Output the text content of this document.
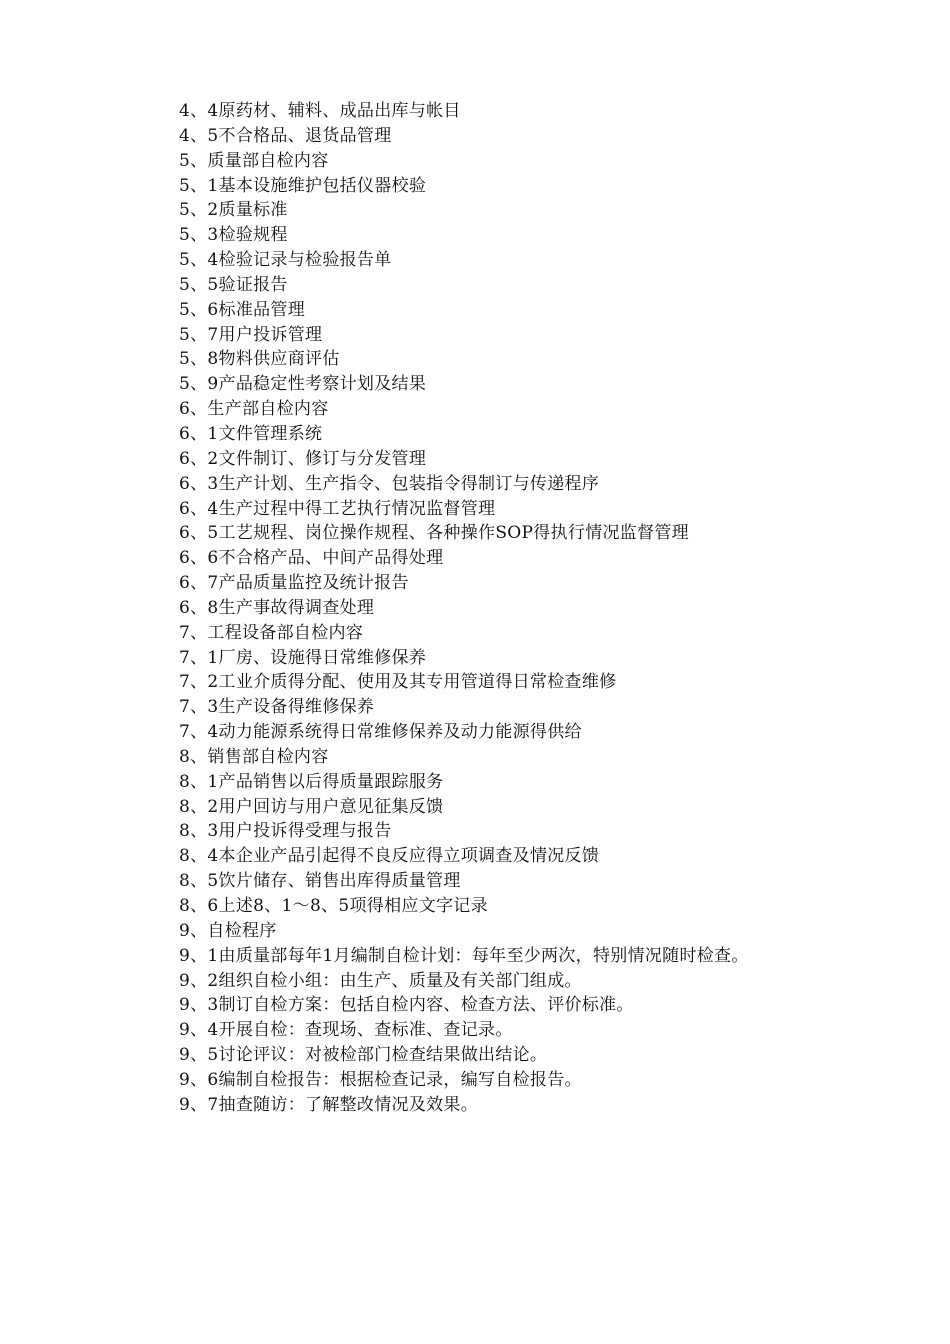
4、4原药材、辅料、成品出库与帐目
4、5不合格品、退货品管理
5、质量部自检内容
5、1基本设施维护包括仪器校验
5、2质量标准
5、3检验规程
5、4检验记录与检验报告单
5、5验证报告
5、6标准品管理
5、7用户投诉管理
5、8物料供应商评估
5、9产品稳定性考察计划及结果
6、生产部自检内容
6、1文件管理系统
6、2文件制订、修订与分发管理
6、3生产计划、生产指令、包装指令得制订与传递程序
6、4生产过程中得工艺执行情况监督管理
6、5工艺规程、岗位操作规程、各种操作SOP得执行情况监督管理
6、6不合格产品、中间产品得处理
6、7产品质量监控及统计报告
6、8生产事故得调查处理
7、工程设备部自检内容
7、1厂房、设施得日常维修保养
7、2工业介质得分配、使用及其专用管道得日常检查维修
7、3生产设备得维修保养
7、4动力能源系统得日常维修保养及动力能源得供给
8、销售部自检内容
8、1产品销售以后得质量跟踪服务
8、2用户回访与用户意见征集反馈
8、3用户投诉得受理与报告
8、4本企业产品引起得不良反应得立项调查及情况反馈
8、5饮片储存、销售出库得质量管理
8、6上述8、1～8、5项得相应文字记录
9、自检程序
9、1由质量部每年1月编制自检计划：每年至少两次，特别情况随时检查。
9、2组织自检小组：由生产、质量及有关部门组成。
9、3制订自检方案：包括自检内容、检查方法、评价标准。
9、4开展自检：查现场、查标准、查记录。
9、5讨论评议：对被检部门检查结果做出结论。
9、6编制自检报告：根据检查记录，编写自检报告。
9、7抽查随访：了解整改情况及效果。
